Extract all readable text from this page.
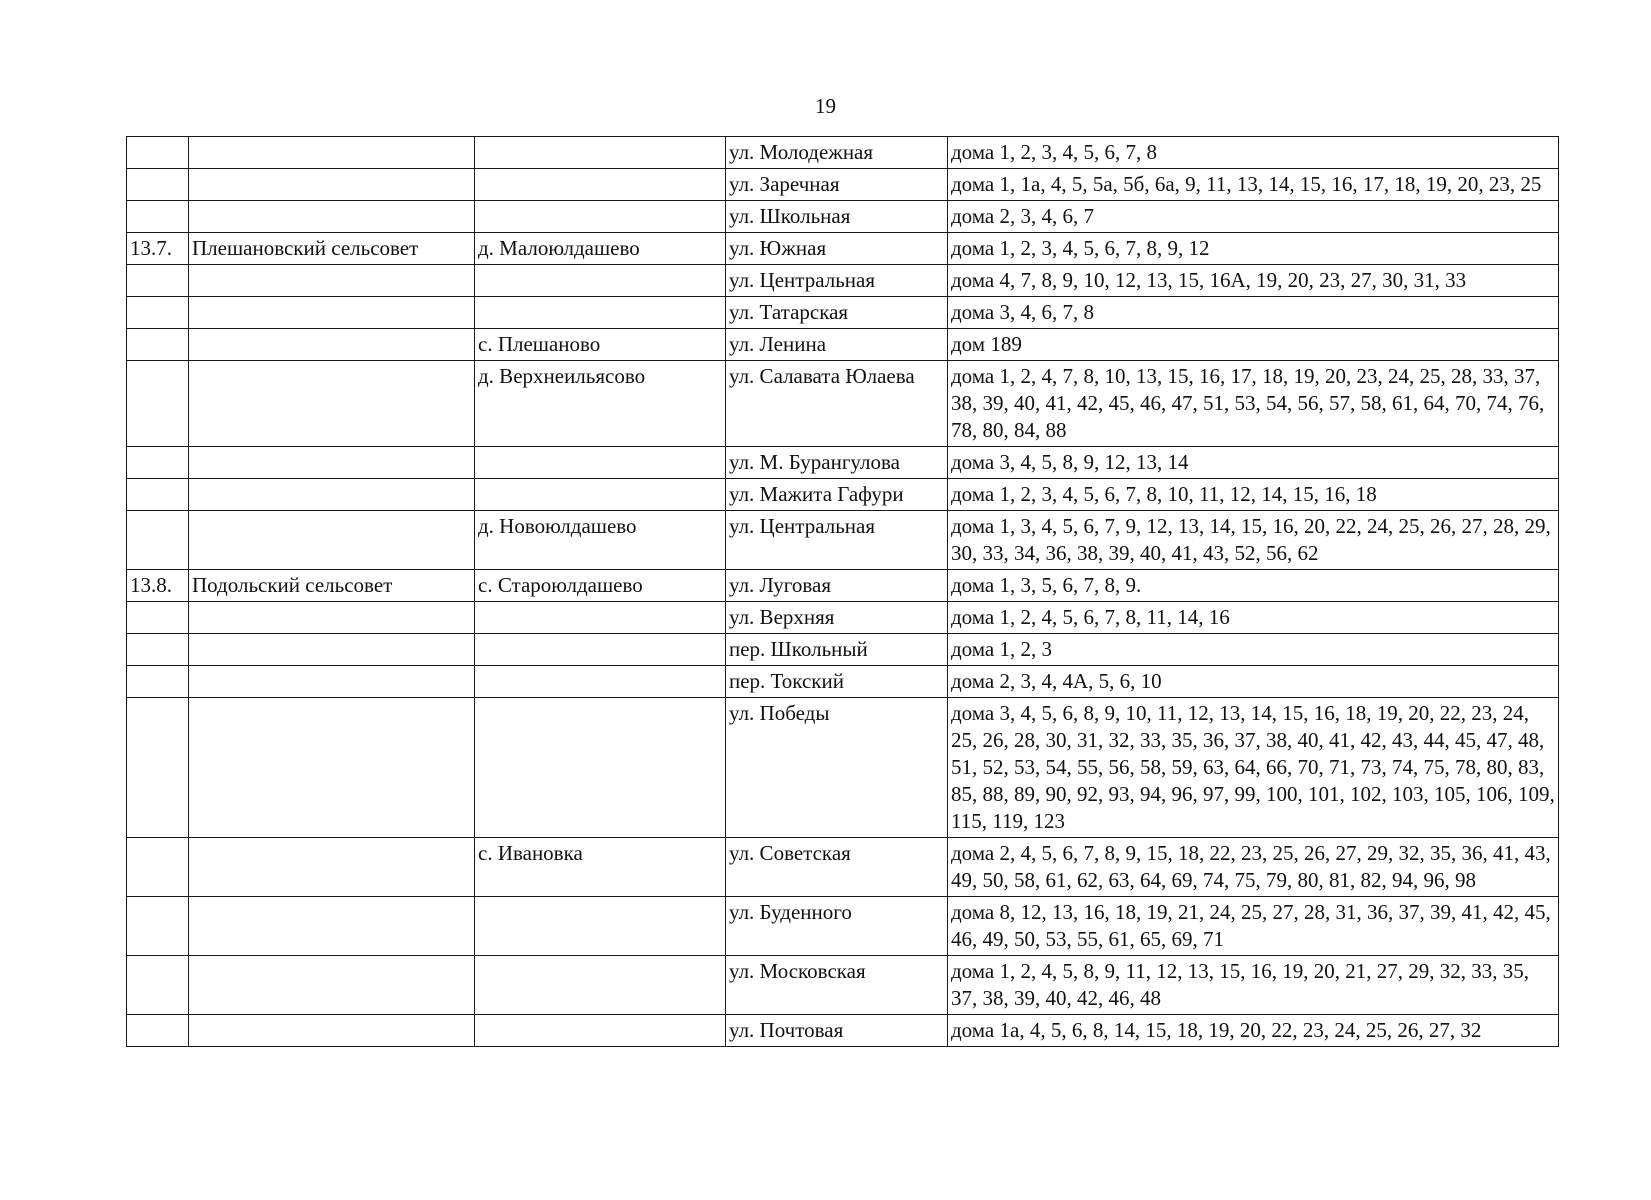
19
			ул. Молодежная	дома 1, 2, 3, 4, 5, 6, 7, 8
			ул. Заречная	дома 1, 1а, 4, 5, 5а, 5б, 6а, 9, 11, 13, 14, 15, 16, 17, 18, 19, 20, 23, 25
			ул. Школьная	дома 2, 3, 4, 6, 7
13.7.	Плешановский сельсовет	д. Малоюлдашево	ул. Южная	дома 1, 2, 3, 4, 5, 6, 7, 8, 9, 12
			ул. Центральная	дома 4, 7, 8, 9, 10, 12, 13, 15, 16А, 19, 20, 23, 27, 30, 31, 33
			ул. Татарская	дома 3, 4, 6, 7, 8
		с. Плешаново	ул. Ленина	дом 189
		д. Верхнеильясово	ул. Салавата Юлаева	дома 1, 2, 4, 7, 8, 10, 13, 15, 16, 17, 18, 19, 20, 23, 24, 25, 28, 33, 37, 38, 39, 40, 41, 42, 45, 46, 47, 51, 53, 54, 56, 57, 58, 61, 64, 70, 74, 76, 78, 80, 84, 88
			ул. М. Бурангулова	дома 3, 4, 5, 8, 9, 12, 13, 14
			ул. Мажита Гафури	дома 1, 2, 3, 4, 5, 6, 7, 8, 10, 11, 12, 14, 15, 16, 18
		д. Новоюлдашево	ул. Центральная	дома 1, 3, 4, 5, 6, 7, 9, 12, 13, 14, 15, 16, 20, 22, 24, 25, 26, 27, 28, 29, 30, 33, 34, 36, 38, 39, 40, 41, 43, 52, 56, 62
13.8.	Подольский сельсовет	с. Староюлдашево	ул. Луговая	дома 1, 3, 5, 6, 7, 8, 9.
			ул. Верхняя	дома 1, 2, 4, 5, 6, 7, 8, 11, 14, 16
			пер. Школьный	дома 1, 2, 3
			пер. Токский	дома 2, 3, 4, 4А, 5, 6, 10
			ул. Победы	дома 3, 4, 5, 6, 8, 9, 10, 11, 12, 13, 14, 15, 16, 18, 19, 20, 22, 23, 24, 25, 26, 28, 30, 31, 32, 33, 35, 36, 37, 38, 40, 41, 42, 43, 44, 45, 47, 48, 51, 52, 53, 54, 55, 56, 58, 59, 63, 64, 66, 70, 71, 73, 74, 75, 78, 80, 83, 85, 88, 89, 90, 92, 93, 94, 96, 97, 99, 100, 101, 102, 103, 105, 106, 109, 115, 119, 123
		с. Ивановка	ул. Советская	дома 2, 4, 5, 6, 7, 8, 9, 15, 18, 22, 23, 25, 26, 27, 29, 32, 35, 36, 41, 43, 49, 50, 58, 61, 62, 63, 64, 69, 74, 75, 79, 80, 81, 82, 94, 96, 98
			ул. Буденного	дома 8, 12, 13, 16, 18, 19, 21, 24, 25, 27, 28, 31, 36, 37, 39, 41, 42, 45, 46, 49, 50, 53, 55, 61, 65, 69, 71
			ул. Московская	дома 1, 2, 4, 5, 8, 9, 11, 12, 13, 15, 16, 19, 20, 21, 27, 29, 32, 33, 35, 37, 38, 39, 40, 42, 46, 48
			ул. Почтовая	дома 1а, 4, 5, 6, 8, 14, 15, 18, 19, 20, 22, 23, 24, 25, 26, 27, 32
